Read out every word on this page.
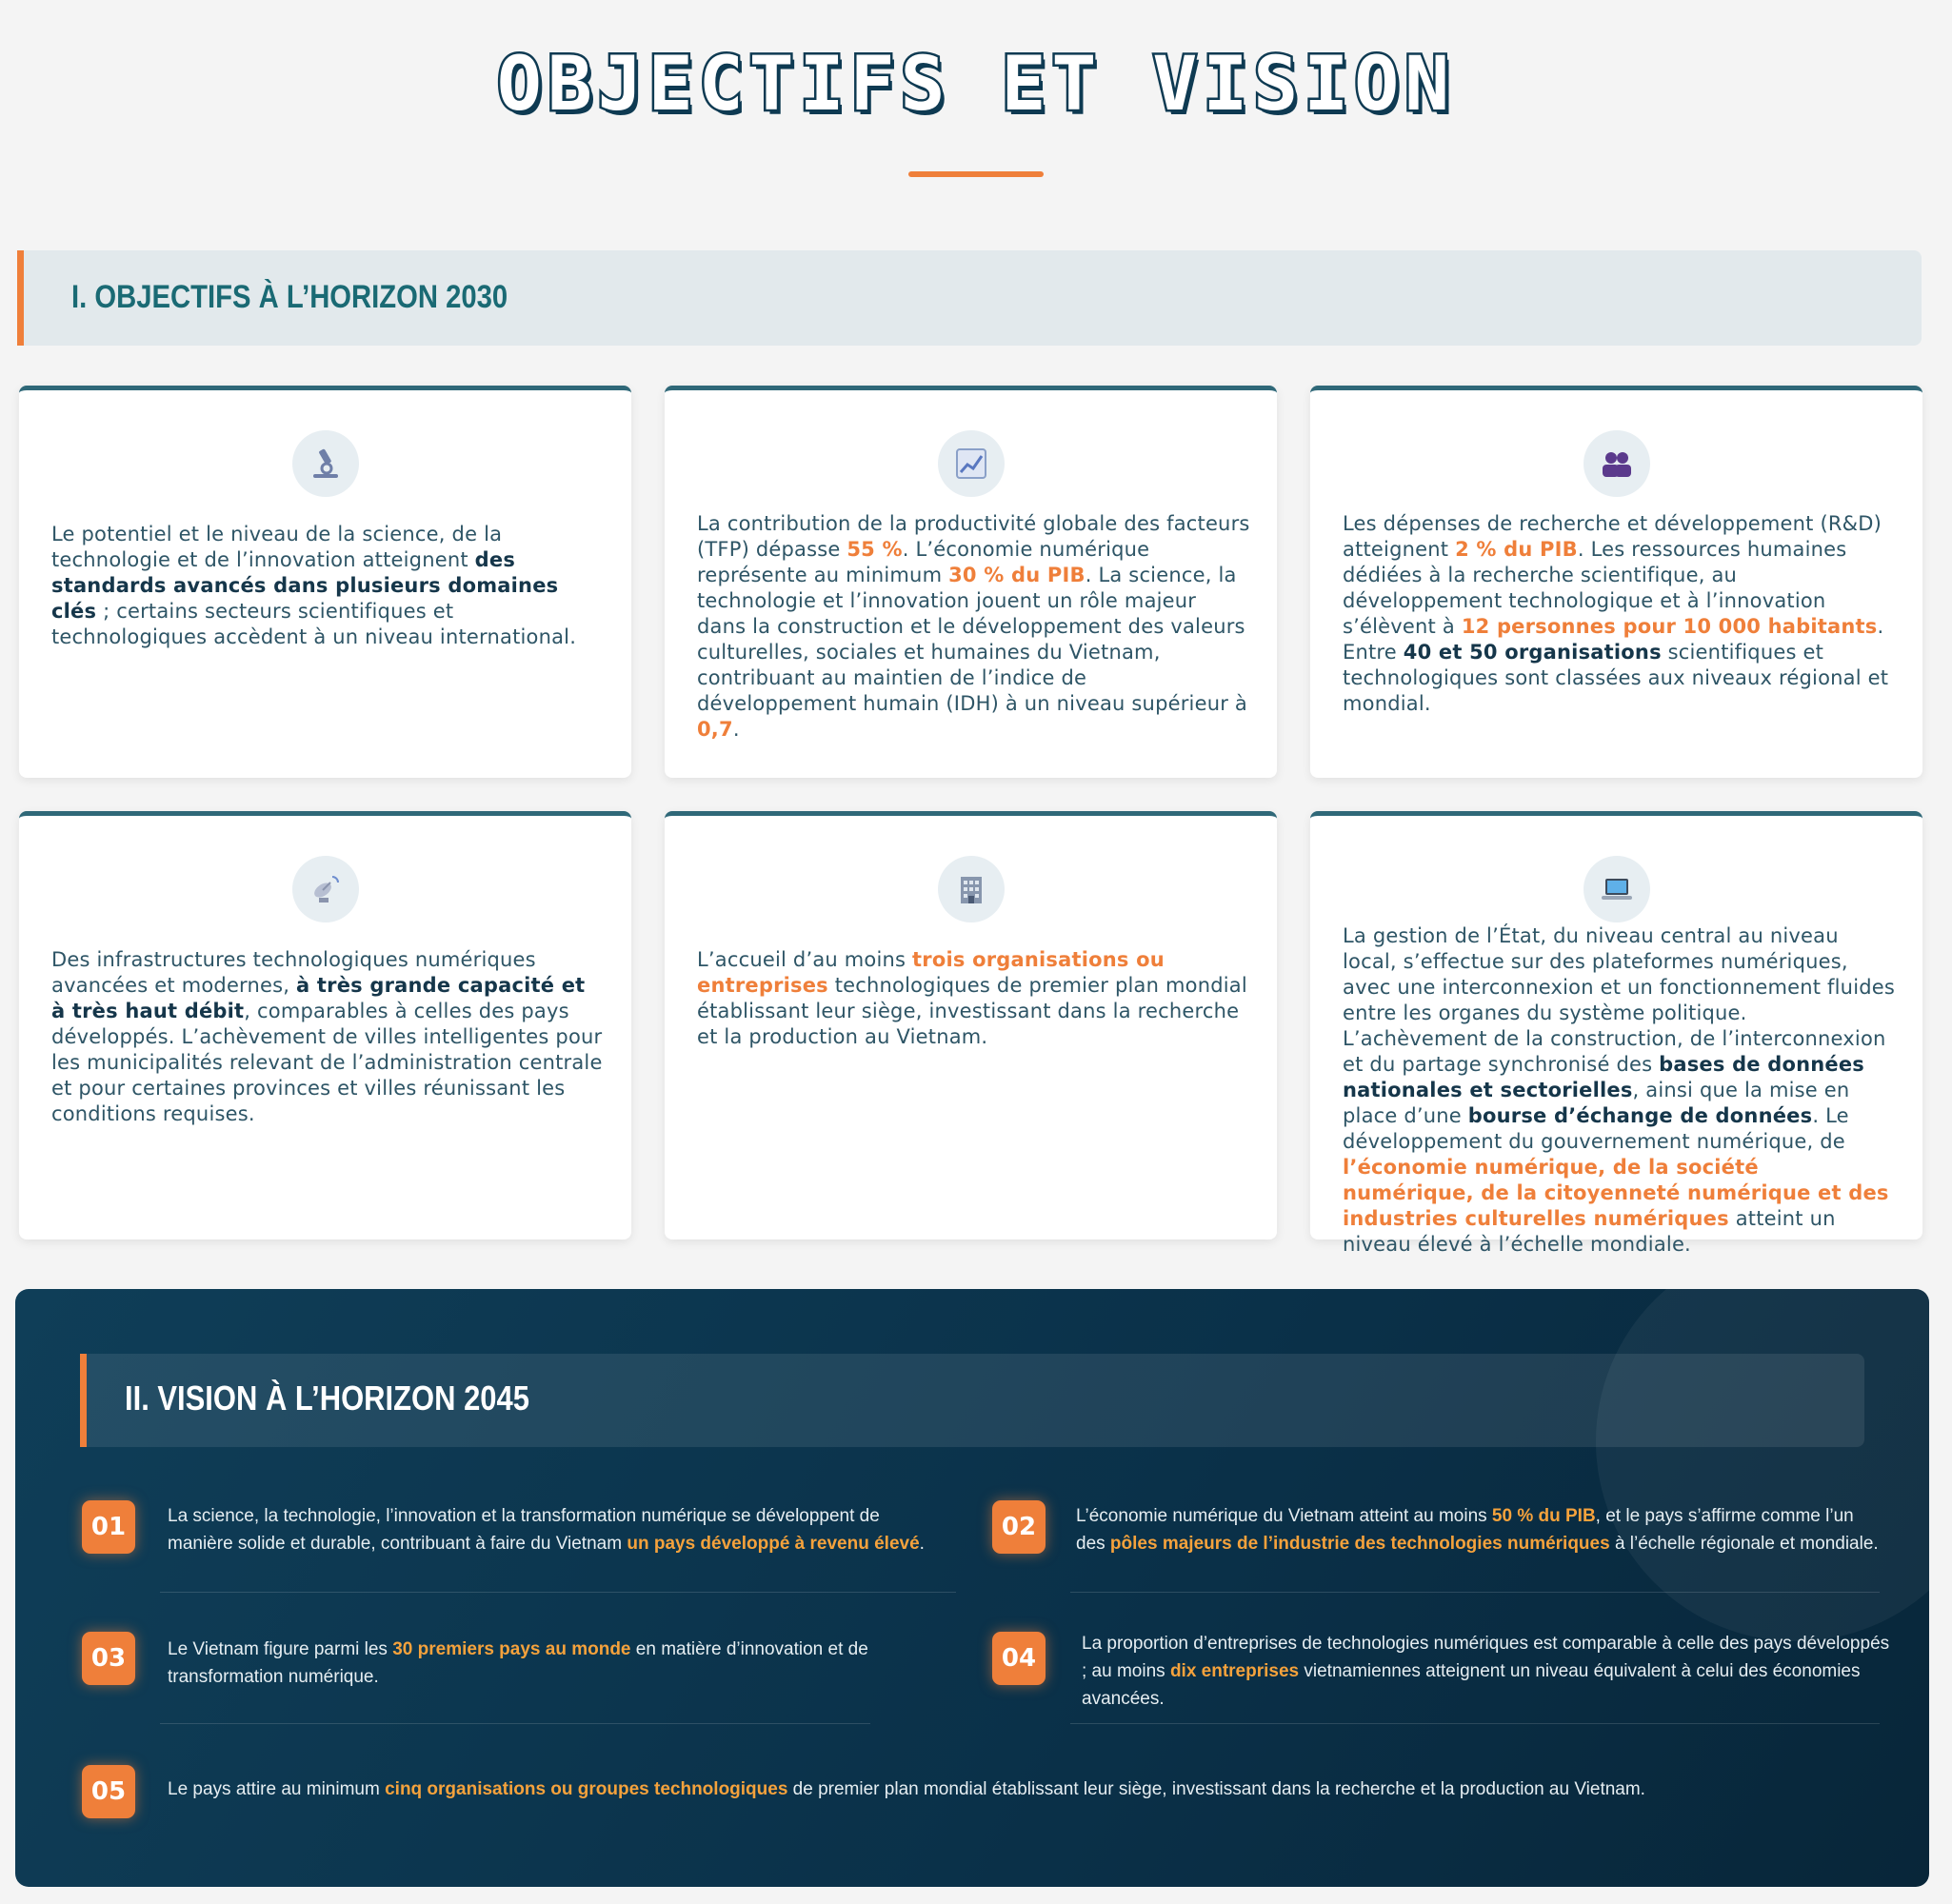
OBJECTIFS ET VISION
I. OBJECTIFS À L’HORIZON 2030
Le potentiel et le niveau de la science, de la technologie et de l’innovation atteignent des standards avancés dans plusieurs domaines clés ; certains secteurs scientifiques et technologiques accèdent à un niveau international.
La contribution de la productivité globale des facteurs (TFP) dépasse 55 %. L’économie numérique représente au minimum 30 % du PIB. La science, la technologie et l’innovation jouent un rôle majeur dans la construction et le développement des valeurs culturelles, sociales et humaines du Vietnam, contribuant au maintien de l’indice de développement humain (IDH) à un niveau supérieur à 0,7.
Les dépenses de recherche et développement (R&D) atteignent 2 % du PIB. Les ressources humaines dédiées à la recherche scientifique, au développement technologique et à l’innovation s’élèvent à 12 personnes pour 10 000 habitants. Entre 40 et 50 organisations scientifiques et technologiques sont classées aux niveaux régional et mondial.
Des infrastructures technologiques numériques avancées et modernes, à très grande capacité et à très haut débit, comparables à celles des pays développés. L’achèvement de villes intelligentes pour les municipalités relevant de l’administration centrale et pour certaines provinces et villes réunissant les conditions requises.
L’accueil d’au moins trois organisations ou entreprises technologiques de premier plan mondial établissant leur siège, investissant dans la recherche et la production au Vietnam.
La gestion de l’État, du niveau central au niveau local, s’effectue sur des plateformes numériques, avec une interconnexion et un fonctionnement fluides entre les organes du système politique. L’achèvement de la construction, de l’interconnexion et du partage synchronisé des bases de données nationales et sectorielles, ainsi que la mise en place d’une bourse d’échange de données. Le développement du gouvernement numérique, de l’économie numérique, de la société numérique, de la citoyenneté numérique et des industries culturelles numériques atteint un niveau élevé à l’échelle mondiale.
II. VISION À L’HORIZON 2045
01	La science, la technologie, l’innovation et la transformation numérique se développent de manière solide et durable, contribuant à faire du Vietnam un pays développé à revenu élevé.
02	L’économie numérique du Vietnam atteint au moins 50 % du PIB, et le pays s’affirme comme l’un des pôles majeurs de l’industrie des technologies numériques à l’échelle régionale et mondiale.
03	Le Vietnam figure parmi les 30 premiers pays au monde en matière d’innovation et de transformation numérique.
04
La proportion d’entreprises de technologies numériques est comparable à celle des pays développés ; au moins dix entreprises vietnamiennes atteignent un niveau équivalent à celui des économies avancées.
05	Le pays attire au minimum cinq organisations ou groupes technologiques de premier plan mondial établissant leur siège, investissant dans la recherche et la production au Vietnam.
